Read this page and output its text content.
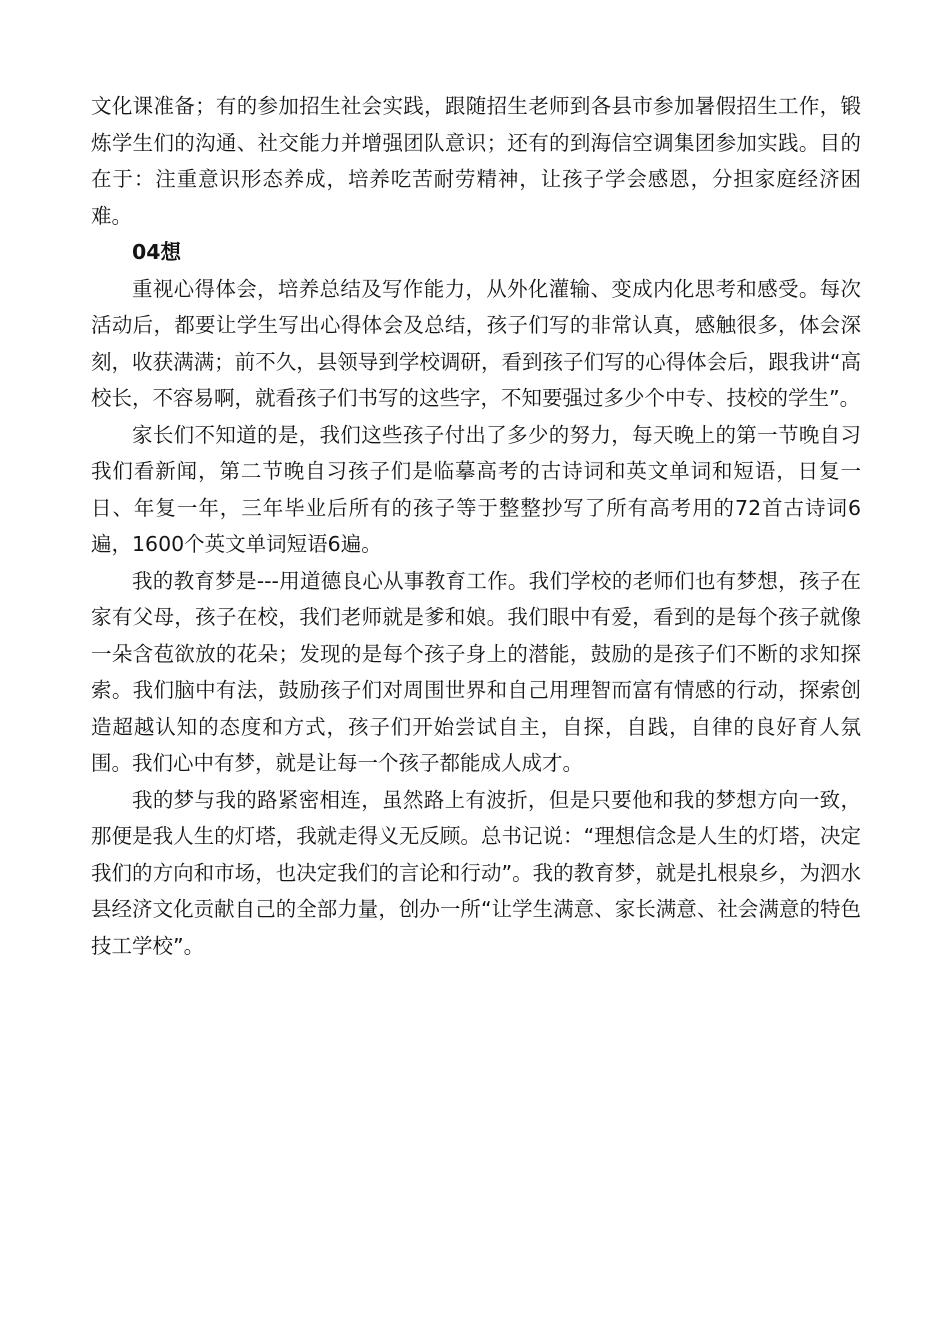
文化课准备；有的参加招生社会实践，跟随招生老师到各县市参加暑假招生工作，锻炼学生们的沟通、社交能力并增强团队意识；还有的到海信空调集团参加实践。目的在于：注重意识形态养成，培养吃苦耐劳精神，让孩子学会感恩，分担家庭经济困难。

04想

重视心得体会，培养总结及写作能力，从外化灌输、变成内化思考和感受。每次活动后，都要让学生写出心得体会及总结，孩子们写的非常认真，感触很多，体会深刻，收获满满；前不久，县领导到学校调研，看到孩子们写的心得体会后，跟我讲“高校长，不容易啊，就看孩子们书写的这些字，不知要强过多少个中专、技校的学生”。

家长们不知道的是，我们这些孩子付出了多少的努力，每天晚上的第一节晚自习我们看新闻，第二节晚自习孩子们是临摹高考的古诗词和英文单词和短语，日复一日、年复一年，三年毕业后所有的孩子等于整整抄写了所有高考用的72首古诗词6遍，1600个英文单词短语6遍。

我的教育梦是---用道德良心从事教育工作。我们学校的老师们也有梦想，孩子在家有父母，孩子在校，我们老师就是爹和娘。我们眼中有爱，看到的是每个孩子就像一朵含苞欲放的花朵；发现的是每个孩子身上的潜能，鼓励的是孩子们不断的求知探索。我们脑中有法，鼓励孩子们对周围世界和自己用理智而富有情感的行动，探索创造超越认知的态度和方式，孩子们开始尝试自主，自探，自践，自律的良好育人氛围。我们心中有梦，就是让每一个孩子都能成人成才。

我的梦与我的路紧密相连，虽然路上有波折，但是只要他和我的梦想方向一致，那便是我人生的灯塔，我就走得义无反顾。总书记说：“理想信念是人生的灯塔，决定我们的方向和市场，也决定我们的言论和行动”。我的教育梦，就是扎根泉乡，为泗水县经济文化贡献自己的全部力量，创办一所“让学生满意、家长满意、社会满意的特色技工学校”。
